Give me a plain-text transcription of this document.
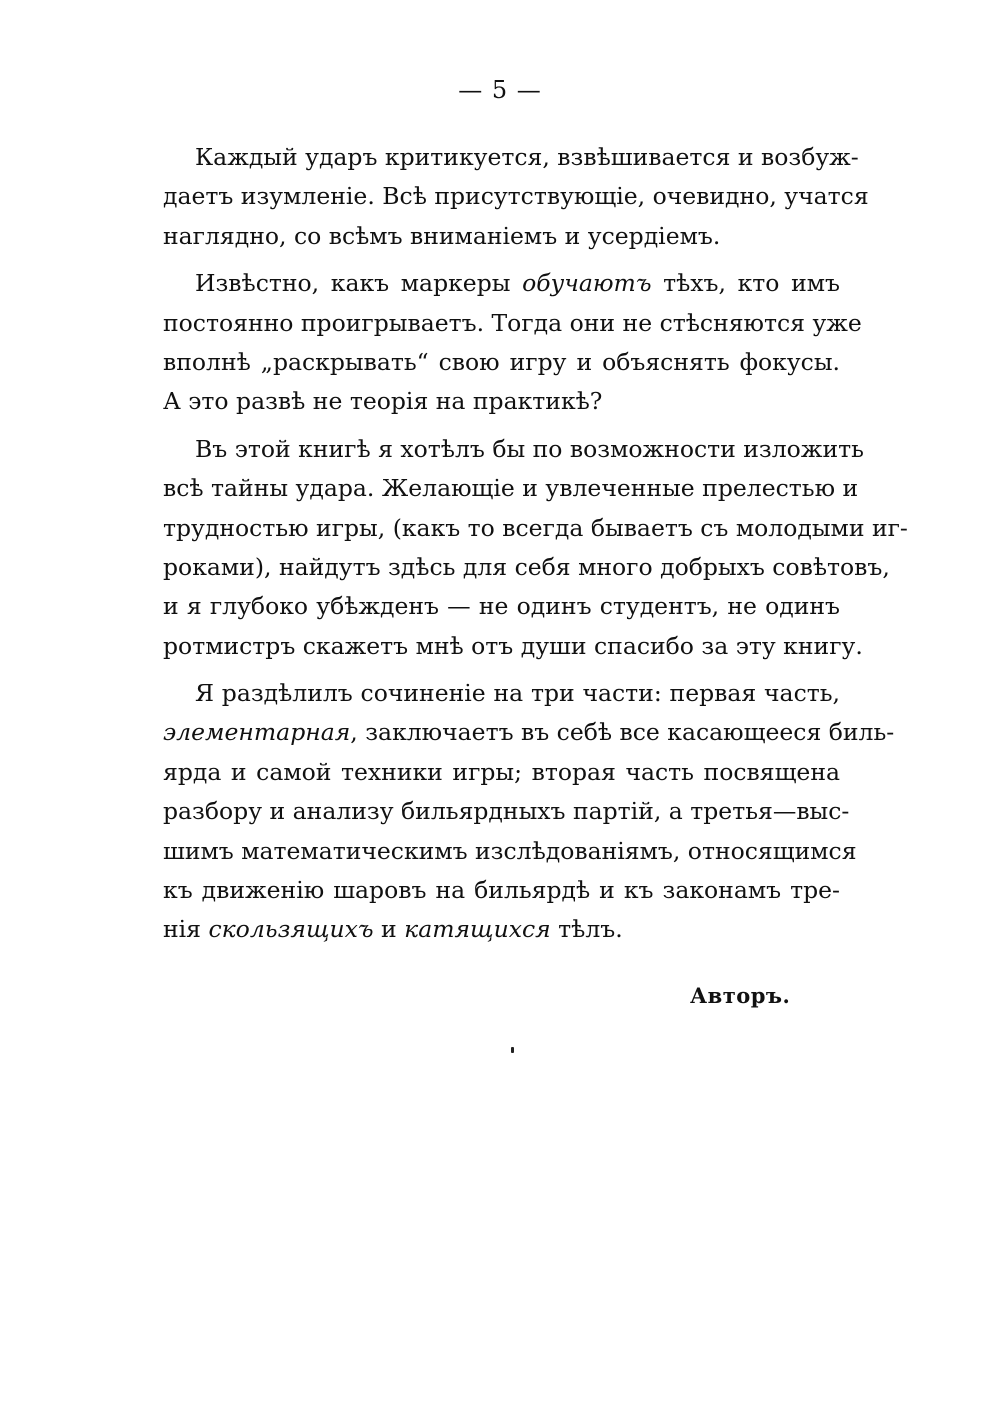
— 5 —
Каждый ударъ критикуется, взвѣшивается и возбуж-
даетъ изумленіе. Всѣ присутствующіе, очевидно, учатся
наглядно, со всѣмъ вниманіемъ и усердіемъ.
Извѣстно, какъ маркеры обучаютъ тѣхъ, кто имъ
постоянно проигрываетъ. Тогда они не стѣсняются уже
вполнѣ „раскрывать“ свою игру и объяснять фокусы.
А это развѣ не теорія на практикѣ?
Въ этой книгѣ я хотѣлъ бы по возможности изложить
всѣ тайны удара. Желающіе и увлеченные прелестью и
трудностью игры, (какъ то всегда бываетъ съ молодыми иг-
роками), найдутъ здѣсь для себя много добрыхъ совѣтовъ,
и я глубоко убѣжденъ — не одинъ студентъ, не одинъ
ротмистръ скажетъ мнѣ отъ души спасибо за эту книгу.
Я раздѣлилъ сочиненіе на три части: первая часть,
элементарная, заключаетъ въ себѣ все касающееся биль-
ярда и самой техники игры; вторая часть посвящена
разбору и анализу бильярдныхъ партій, а третья—выс-
шимъ математическимъ изслѣдованіямъ, относящимся
къ движенію шаровъ на бильярдѣ и къ законамъ тре-
нія скользящихъ и катящихся тѣлъ.
Авторъ.
